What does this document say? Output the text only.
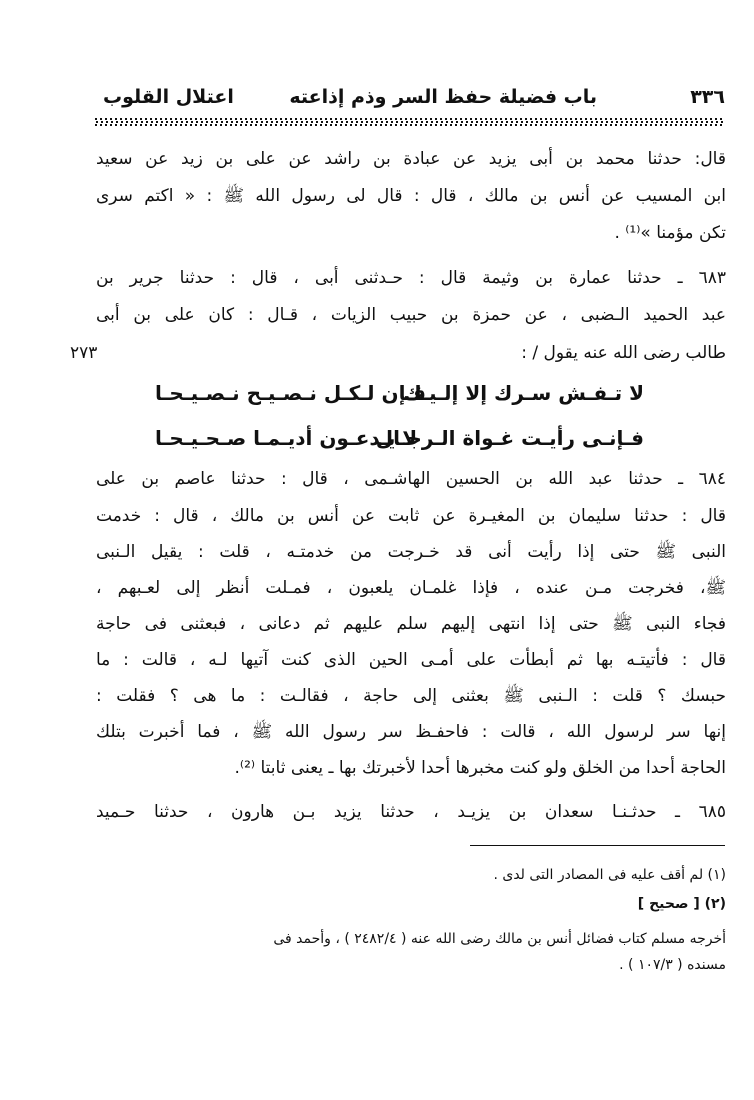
٣٣٦
باب فضيلة حفظ السر وذم إذاعته
اعتلال القلوب
قال: حدثنا محمد بن أبى يزيد عن عبادة بن راشد عن على بن زيد عن سعيد
ابن المسيب عن أنس بن مالك ، قال : قال لى رسول الله ﷺ : « اكتم سرى
تكن مؤمنا »⁽¹⁾ .
٦٨٣ ـ حدثنا عمارة بن وثيمة قال : حـدثنى أبى ، قال : حدثنا جرير بن
عبد الحميد الـضبى ، عن حمزة بن حبيب الزيات ، قـال : كان على بن أبى
طالب رضى الله عنه يقول / :
٢٧٣
لا تـفـش سـرك إلا إلـيـك
فـإن لـكـل نـصـيـح نـصـيـحـا
فـإنـى رأيـت غـواة الـرجـال
لا يـدعـون أديـمـا صـحـيـحـا
٦٨٤ ـ حدثنا عبد الله بن الحسين الهاشـمى ، قال : حدثنا عاصم بن على
قال : حدثنا سليمان بن المغيـرة عن ثابت عن أنس بن مالك ، قال : خدمت
النبى ﷺ حتى إذا رأيت أنى قد خـرجت من خدمتـه ، قلت : يقيل الـنبى
ﷺ، فخرجت مـن عنده ، فإذا غلمـان يلعبون ، فمـلت أنظر إلى لعـبهم ،
فجاء النبى ﷺ حتى إذا انتهى إليهم سلم عليهم ثم دعانى ، فبعثنى فى حاجة
قال : فأتيتـه بها ثم أبطأت على أمـى الحين الذى كنت آتيها لـه ، قالت : ما
حبسك ؟ قلت : الـنبى ﷺ بعثنى إلى حاجة ، فقالـت : ما هى ؟ فقلت :
إنها سر لرسول الله ، قالت : فاحفـظ سر رسول الله ﷺ ، فما أخبرت بتلك
الحاجة أحدا من الخلق ولو كنت مخبرها أحدا لأخبرتك بها ـ يعنى ثابتا ⁽²⁾.
٦٨٥ ـ حدثـنـا سعدان بن يزيـد ، حدثنا يزيد بـن هارون ، حدثنا حـميد
(١) لم أقف عليه فى المصادر التى لدى .
(٢) [ صحيح ]
أخرجه مسلم كتاب فضائل أنس بن مالك رضى الله عنه ( ٢٤٨٢/٤ ) ، وأحمد فى
مسنده ( ١٠٧/٣ ) .
